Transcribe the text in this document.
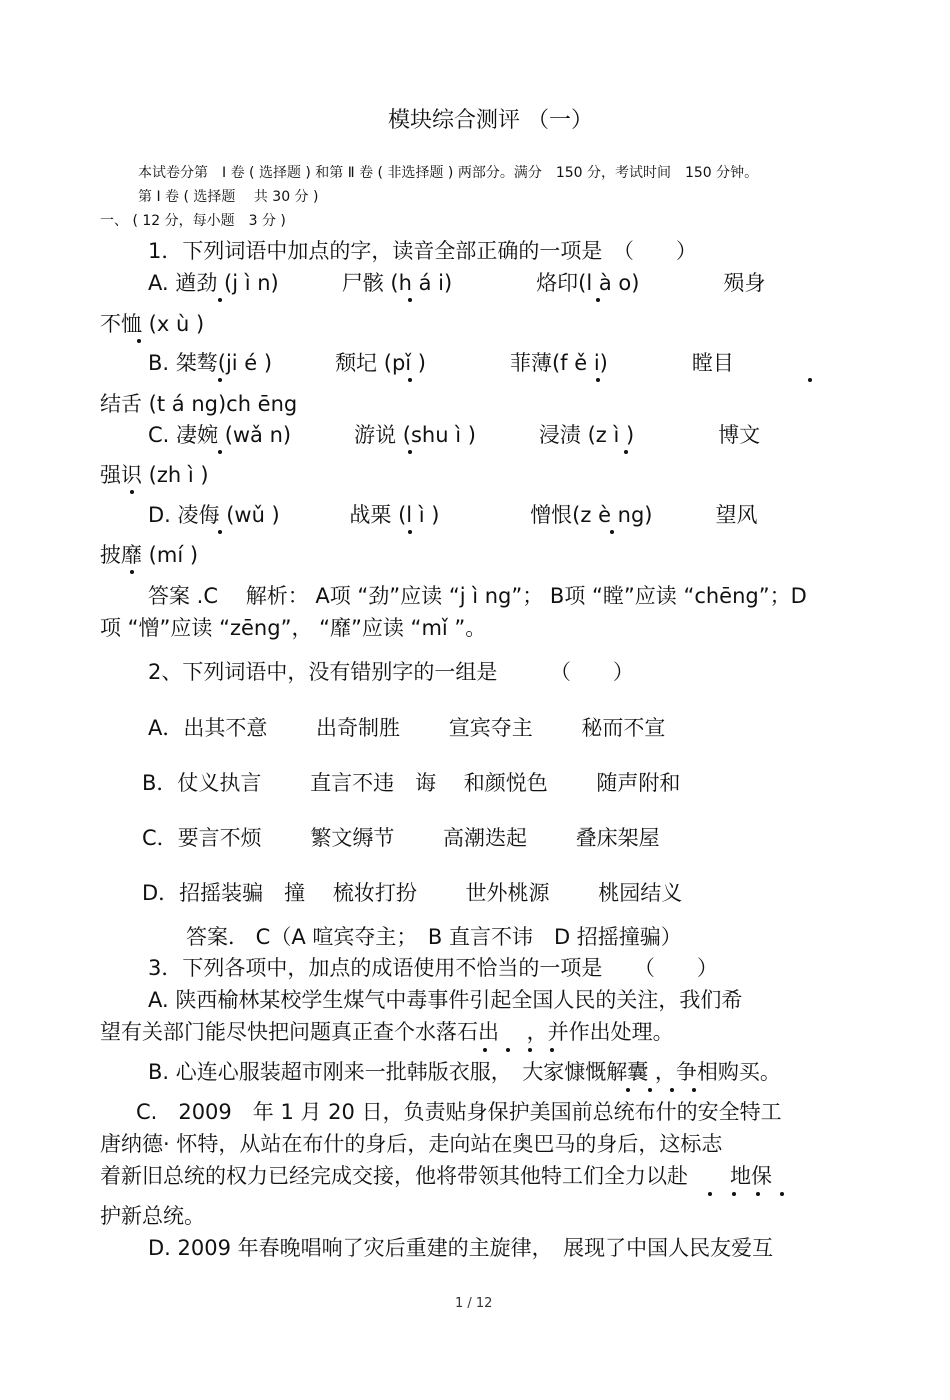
模块综合测评 （一）
本试卷分第　Ⅰ 卷 ( 选择题 ) 和第 Ⅱ 卷 ( 非选择题 ) 两部分。满分　150 分，考试时间　150 分钟。
第 Ⅰ 卷 ( 选择题　 共 30 分 )
一、 ( 12 分，每小题　3 分 )
1．下列词语中加点的字，读音全部正确的一项是　（　　）
A. 遒劲 (j ì n)　　　尸骸 (h á i)　　　　烙印(l à o)　　　　殒身
不恤 (x ù )
B. 桀骜(ji é )　　　颓圮 (pǐ )　　　　菲薄(f ě i)　　　　瞠目
结舌 (t á ng)ch ēng
C. 凄婉 (wǎ n)　　　游说 (shu ì )　　　浸渍 (z ì )　　　　博文
强识 (zh ì )
D. 凌侮 (wǔ )　　　 战栗 (l ì )　　　　 憎恨(z è ng)　　　望风
披靡 (mí )
答案 .C　 解析： A项 “劲”应读 “j ì ng”； B项 “瞠”应读 “chēng”；D
项 “憎”应读 “zēng”， “靡”应读 “mǐ ”。
2、下列词语中，没有错别字的一组是　　　（　　）
A．出其不意　　 出奇制胜　　 宣宾夺主　　 秘而不宣
B．仗义执言　　 直言不违　诲　 和颜悦色　　 随声附和
C．要言不烦　　 繁文缛节　　 高潮迭起　　 叠床架屋
D．招摇装骗　撞　 梳妆打扮　　 世外桃源　　 桃园结义
答案． C（A 喧宾夺主；　B 直言不讳　D 招摇撞骗）
3．下列各项中，加点的成语使用不恰当的一项是　　（　　）
A. 陕西榆林某校学生煤气中毒事件引起全国人民的关注，我们希
望有关部门能尽快把问题真正查个水落石出　 ，并作出处理。
B. 心连心服装超市刚来一批韩版衣服，　大家慷慨解囊 ，争相购买。
C.　2009　年 1 月 20 日，负责贴身保护美国前总统布什的安全特工
唐纳德· 怀特，从站在布什的身后，走向站在奥巴马的身后，这标志
着新旧总统的权力已经完成交接，他将带领其他特工们全力以赴　　地保
护新总统。
D. 2009 年春晚唱响了灾后重建的主旋律，　展现了中国人民友爱互
1 / 12
